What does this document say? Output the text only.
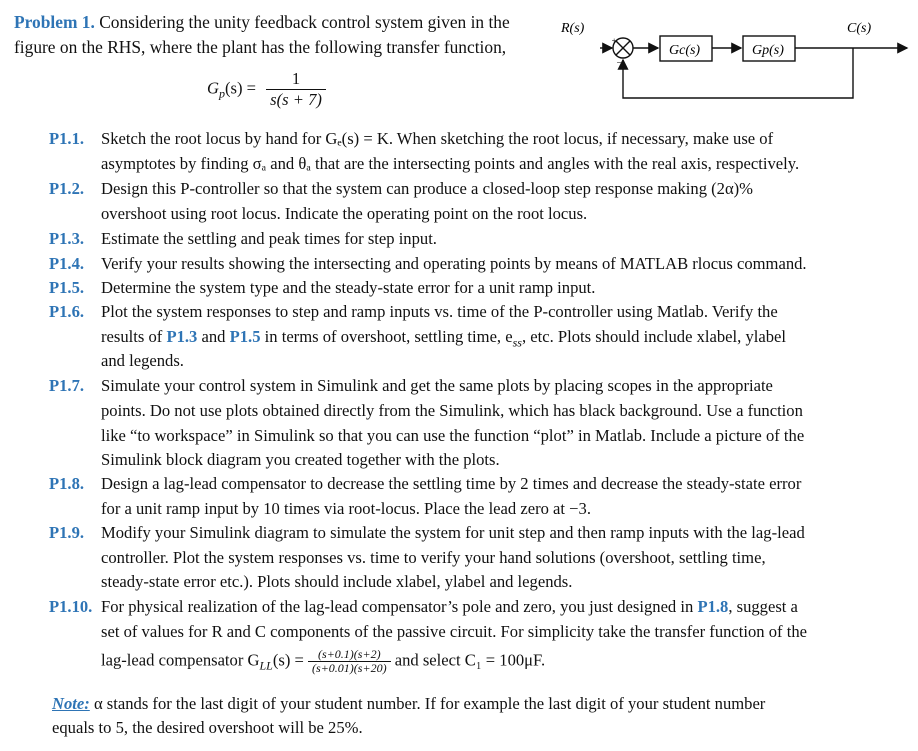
Problem 1. Considering the unity feedback control system given in the
figure on the RHS, where the plant has the following transfer function,
$G_p(s) = \frac{1}{s(s + 7)}$
R(s)	C(s)
+
−
Gc(s)	Gp(s)
P1.1. Sketch the root locus by hand for Gₑ(s) = K. When sketching the root locus, if necessary, make use of
asymptotes by finding σₐ and θₐ that are the intersecting points and angles with the real axis, respectively.
P1.2. Design this P-controller so that the system can produce a closed-loop step response making (2α)%
overshoot using root locus. Indicate the operating point on the root locus.
P1.3. Estimate the settling and peak times for step input.
P1.4. Verify your results showing the intersecting and operating points by means of MATLAB rlocus command.
P1.5. Determine the system type and the steady-state error for a unit ramp input.
P1.6. Plot the system responses to step and ramp inputs vs. time of the P-controller using Matlab. Verify the
results of P1.3 and P1.5 in terms of overshoot, settling time, $e_{ss}$, etc. Plots should include xlabel, ylabel
and legends.
P1.7. Simulate your control system in Simulink and get the same plots by placing scopes in the appropriate
points. Do not use plots obtained directly from the Simulink, which has black background. Use a function
like “to workspace” in Simulink so that you can use the function “plot” in Matlab. Include a picture of the
Simulink block diagram you created together with the plots.
P1.8. Design a lag-lead compensator to decrease the settling time by 2 times and decrease the steady-state error
for a unit ramp input by 10 times via root-locus. Place the lead zero at −3.
P1.9. Modify your Simulink diagram to simulate the system for unit step and then ramp inputs with the lag-lead
controller. Plot the system responses vs. time to verify your hand solutions (overshoot, settling time,
steady-state error etc.). Plots should include xlabel, ylabel and legends.
P1.10. For physical realization of the lag-lead compensator’s pole and zero, you just designed in P1.8, suggest a
set of values for R and C components of the passive circuit. For simplicity take the transfer function of the
lag-lead compensator $G_{LL}(s) = \frac{(s+0.1)(s+2)}{(s+0.01)(s+20)}$ and select C₁ = 100μF.
Note: α stands for the last digit of your student number. If for example the last digit of your student number
equals to 5, the desired overshoot will be 25%.
